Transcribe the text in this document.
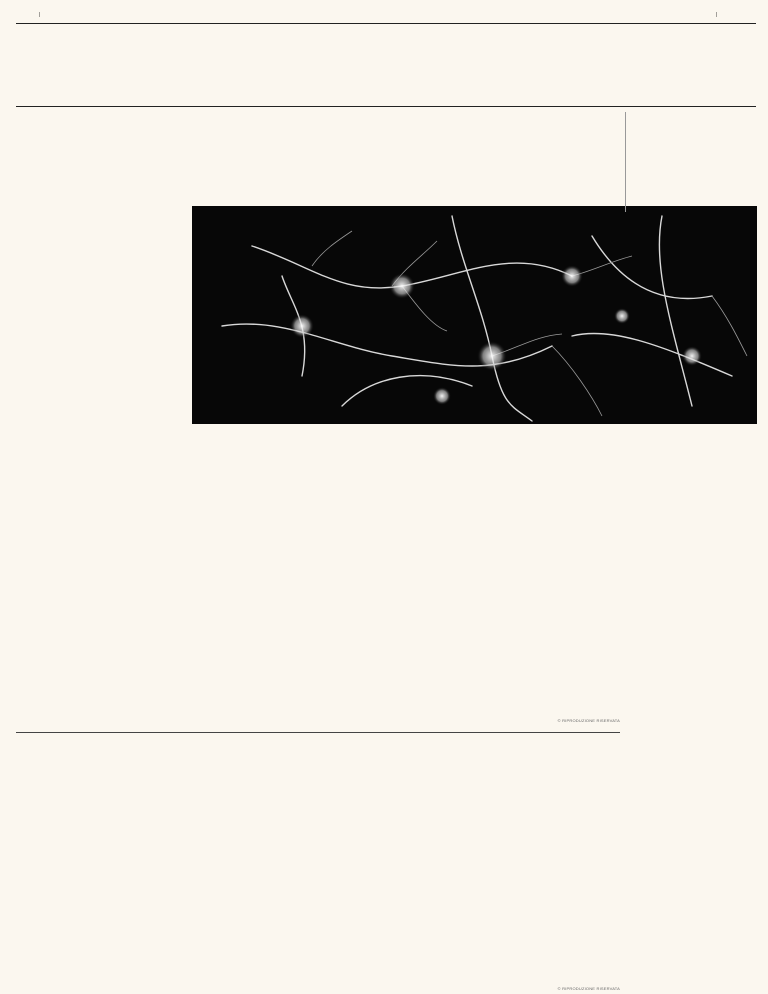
|	|
© RIPRODUZIONE RISERVATA
© RIPRODUZIONE RISERVATA
